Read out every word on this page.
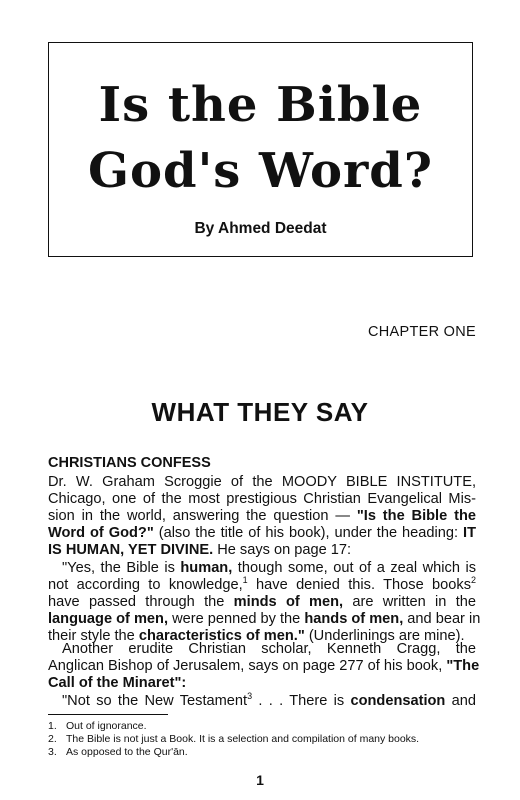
Is the Bible
God's Word?
By Ahmed Deedat
CHAPTER ONE
WHAT THEY SAY
CHRISTIANS CONFESS
Dr. W. Graham Scroggie of the MOODY BIBLE INSTITUTE,
Chicago, one of the most prestigious Christian Evangelical Mis-
sion in the world, answering the question — "Is the Bible the
Word of God?" (also the title of his book), under the heading: IT
IS HUMAN, YET DIVINE. He says on page 17:
"Yes, the Bible is human, though some, out of a zeal which is
not according to knowledge,$^1$ have denied this. Those books$^2$
have passed through the minds of men, are written in the
language of men, were penned by the hands of men, and bear in
their style the characteristics of men." (Underlinings are mine).
Another erudite Christian scholar, Kenneth Cragg, the
Anglican Bishop of Jerusalem, says on page 277 of his book, "The
Call of the Minaret":
"Not so the New Testament$^3$ . . . There is condensation and
1. Out of ignorance.
2. The Bible is not just a Book. It is a selection and compilation of many books.
3. As opposed to the Qur'ān.
1
